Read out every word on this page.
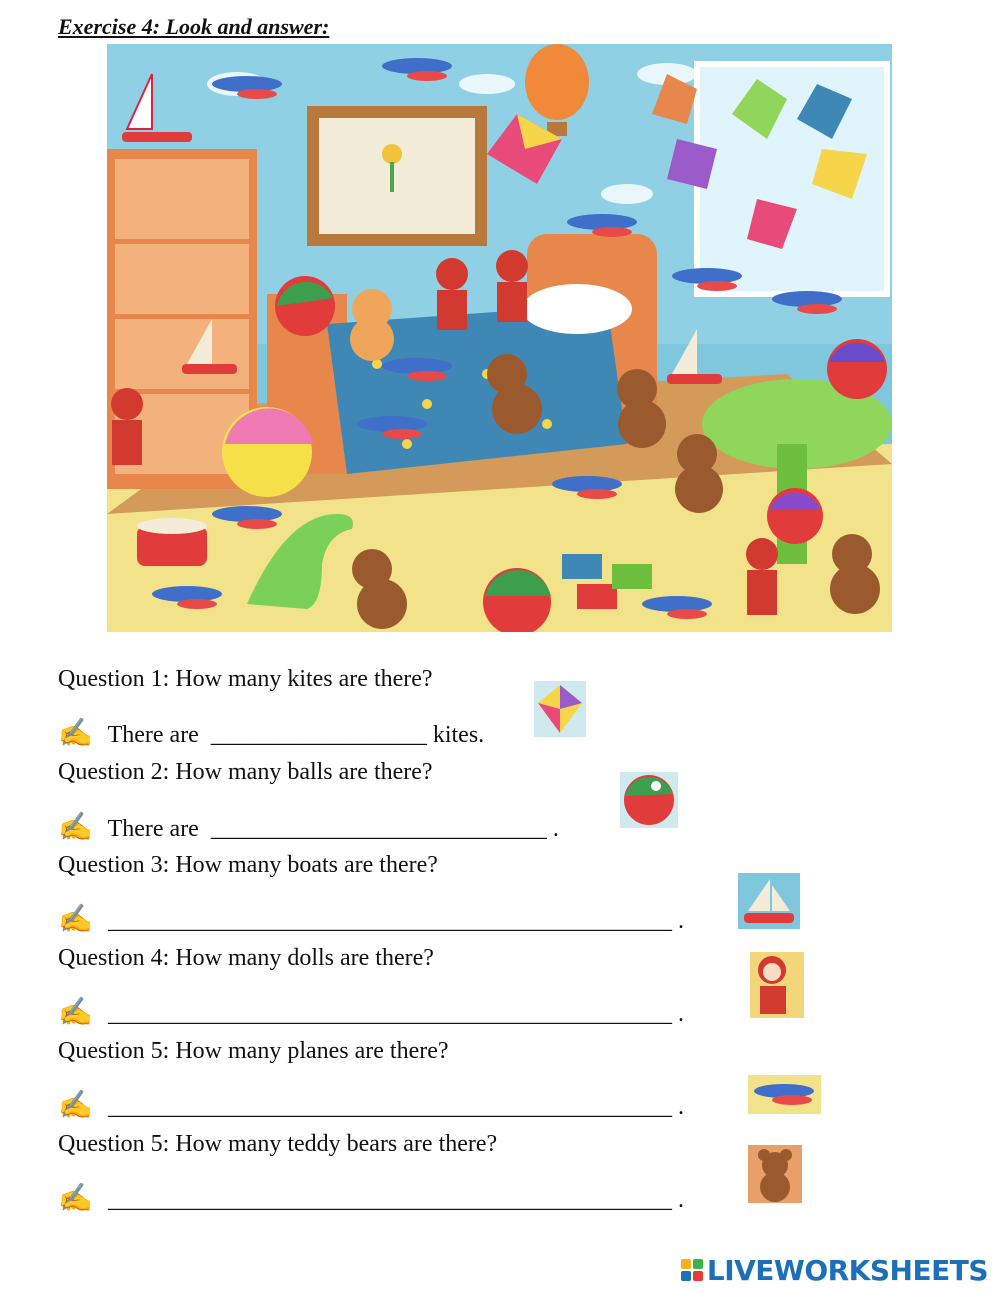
Exercise 4: Look and answer:
Question 1: How many kites are there?
✍ There are __________________ kites.
Question 2: How many balls are there?
✍ There are ____________________________ .
Question 3: How many boats are there?
✍ _______________________________________________ .
Question 4: How many dolls are there?
✍ _______________________________________________ .
Question 5: How many planes are there?
✍ _______________________________________________ .
Question 5: How many teddy bears are there?
✍ _______________________________________________ .
LIVEWORKSHEETS
